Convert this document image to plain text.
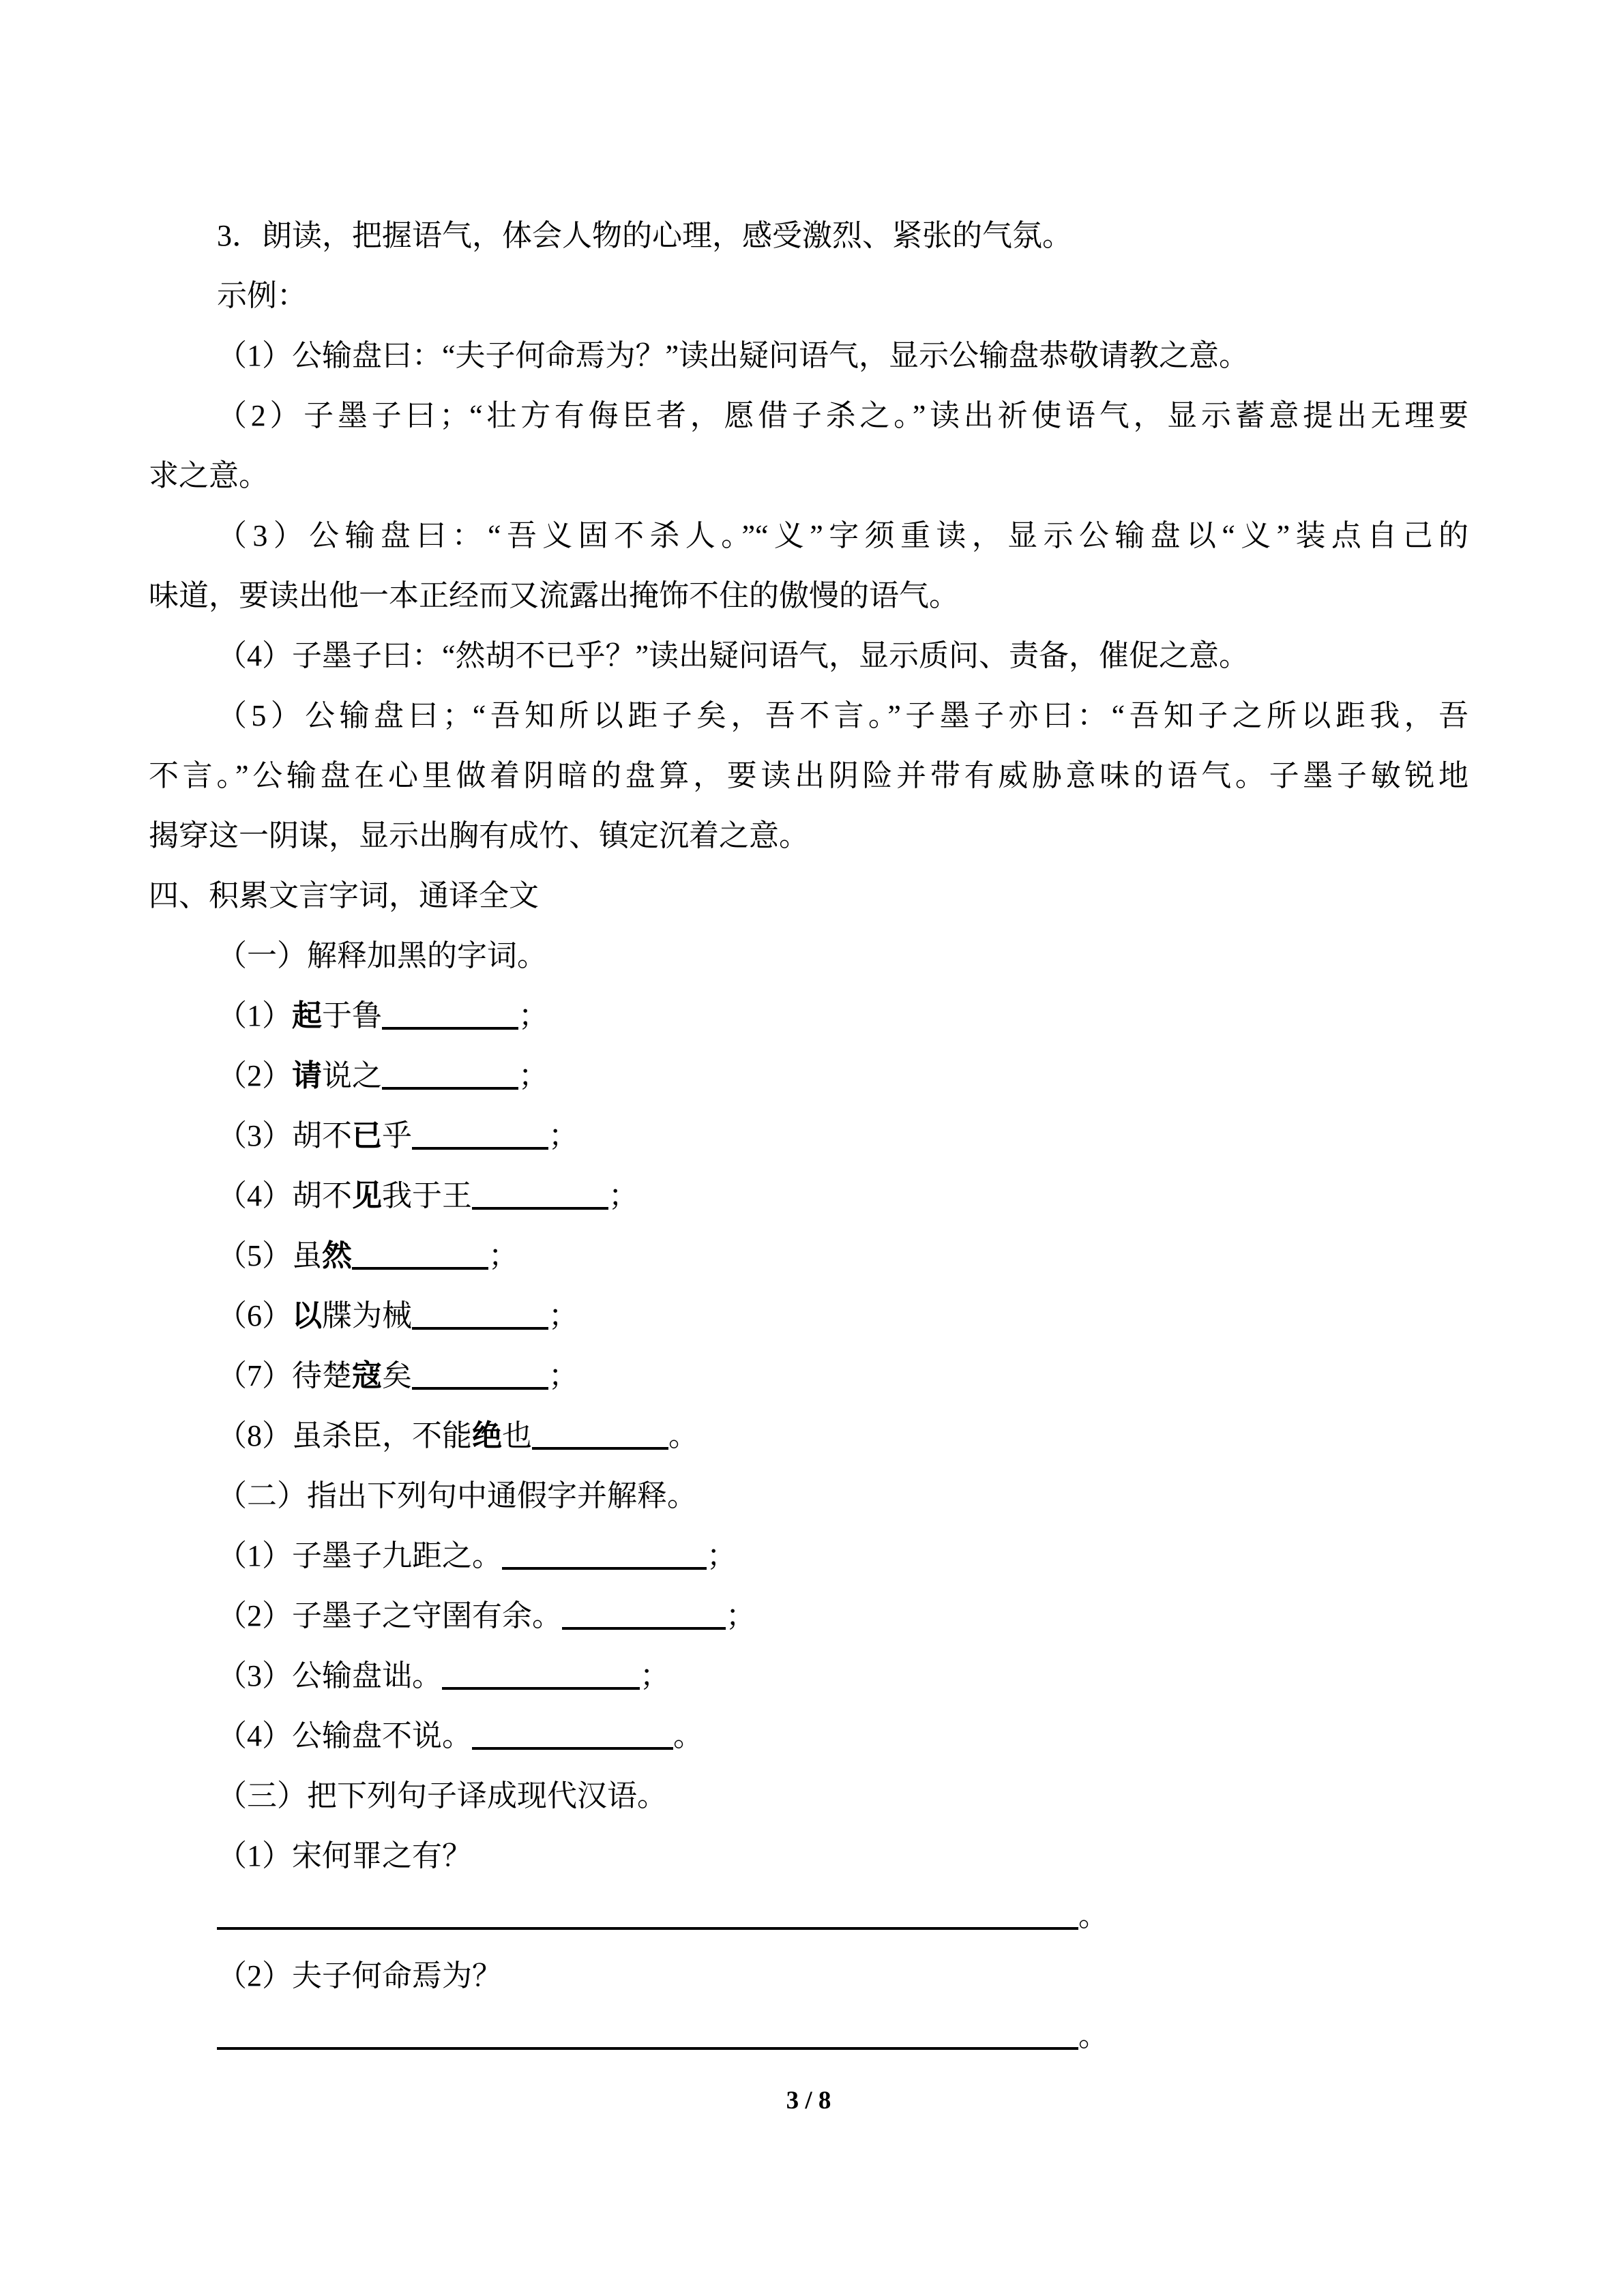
3．朗读，把握语气，体会人物的心理，感受激烈、紧张的气氛。
示例：
（1）公输盘曰：“夫子何命焉为？”读出疑问语气，显示公输盘恭敬请教之意。
（2）子墨子曰；“壮方有侮臣者，愿借子杀之。”读出祈使语气，显示蓄意提出无理要
求之意。
（3）公输盘曰：“吾义固不杀人。”“义”字须重读，显示公输盘以“义”装点自己的
味道，要读出他一本正经而又流露出掩饰不住的傲慢的语气。
（4）子墨子曰：“然胡不已乎？”读出疑问语气，显示质问、责备，催促之意。
（5）公输盘曰；“吾知所以距子矣，吾不言。”子墨子亦曰：“吾知子之所以距我，吾
不言。”公输盘在心里做着阴暗的盘算，要读出阴险并带有威胁意味的语气。子墨子敏锐地
揭穿这一阴谋，显示出胸有成竹、镇定沉着之意。
四、积累文言字词，通译全文
（一）解释加黑的字词。
（1）起于鲁	；
（2）请说之	；
（3）胡不已乎	；
（4）胡不见我于王	；
（5）虽然	；
（6）以牒为械	；
（7）待楚寇矣	；
（8）虽杀臣，不能绝也	。
（二）指出下列句中通假字并解释。
（1）子墨子九距之。	；
（2）子墨子之守圉有余。	；
（3）公输盘诎。	；
（4）公输盘不说。	。
（三）把下列句子译成现代汉语。
（1）宋何罪之有？
。
（2）夫子何命焉为？
。
3 / 8
